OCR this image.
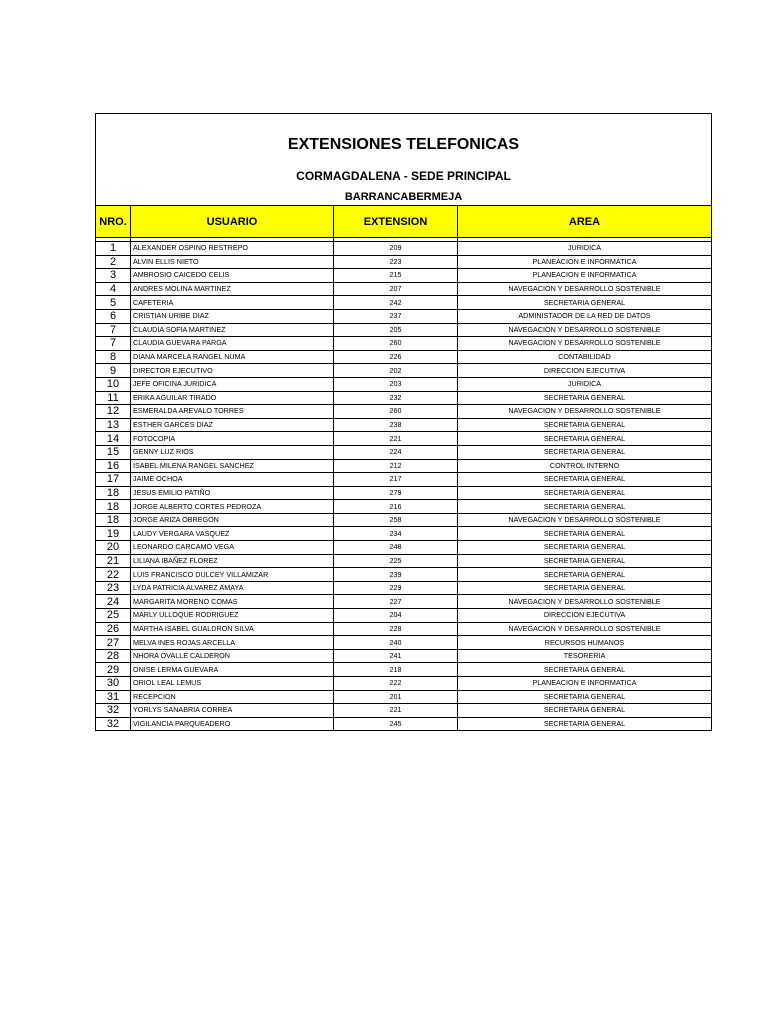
EXTENSIONES TELEFONICAS
CORMAGDALENA - SEDE PRINCIPAL
BARRANCABERMEJA
NRO.	USUARIO	EXTENSION	AREA

1	ALEXANDER OSPINO RESTREPO	209	JURIDICA
2	ALVIN ELLIS NIETO	223	PLANEACION E INFORMATICA
3	AMBROSIO CAICEDO CELIS	215	PLANEACION E INFORMATICA
4	ANDRES MOLINA MARTINEZ	207	NAVEGACION Y DESARROLLO SOSTENIBLE
5	CAFETERIA	242	SECRETARIA GENERAL
6	CRISTIAN URIBE DIAZ	237	ADMINISTADOR DE LA RED DE DATOS
7	CLAUDIA SOFIA MARTINEZ	205	NAVEGACION Y DESARROLLO SOSTENIBLE
7	CLAUDIA GUEVARA PARGA	260	NAVEGACION Y DESARROLLO SOSTENIBLE
8	DIANA MARCELA RANGEL NUMA	226	CONTABILIDAD
9	DIRECTOR EJECUTIVO	202	DIRECCION EJECUTIVA
10	JEFE OFICINA JURIDICA	203	JURIDICA
11	ERIKA AGUILAR TIRADO	232	SECRETARIA GENERAL
12	ESMERALDA AREVALO TORRES	260	NAVEGACION Y DESARROLLO SOSTENIBLE
13	ESTHER GARCES DIAZ	238	SECRETARIA GENERAL
14	FOTOCOPIA	221	SECRETARIA GENERAL
15	GENNY LUZ RIOS	224	SECRETARIA GENERAL
16	ISABEL MILENA RANGEL SANCHEZ	212	CONTROL INTERNO
17	JAIME OCHOA	217	SECRETARIA GENERAL
18	JESUS EMILIO PATIÑO	279	SECRETARIA GENERAL
18	JORGE ALBERTO CORTES PEDROZA	216	SECRETARIA GENERAL
18	JORGE ARIZA OBREGON	258	NAVEGACION Y DESARROLLO SOSTENIBLE
19	LAUDY VERGARA VASQUEZ	234	SECRETARIA GENERAL
20	LEONARDO CARCAMO VEGA	248	SECRETARIA GENERAL
21	LILIANA IBAÑEZ FLOREZ	225	SECRETARIA GENERAL
22	LUIS FRANCISCO DULCEY VILLAMIZAR	239	SECRETARIA GENERAL
23	LYDA PATRICIA ALVAREZ AMAYA	229	SECRETARIA GENERAL
24	MARGARITA MORENO COMAS	227	NAVEGACION Y DESARROLLO SOSTENIBLE
25	MARLY ULLOQUE RODRIGUEZ	204	DIRECCION EJECUTIVA
26	MARTHA ISABEL GUALDRON SILVA	228	NAVEGACION Y DESARROLLO SOSTENIBLE
27	MELVA INES ROJAS ARCELLA	240	RECURSOS HUMANOS
28	NHORA OVALLE CALDERON	241	TESORERIA
29	ONISE LERMA GUEVARA	218	SECRETARIA GENERAL
30	ORIOL LEAL LEMUS	222	PLANEACION E INFORMATICA
31	RECEPCION	201	SECRETARIA GENERAL
32	YORLYS SANABRIA CORREA	221	SECRETARIA GENERAL
32	VIGILANCIA PARQUEADERO	245	SECRETARIA GENERAL
